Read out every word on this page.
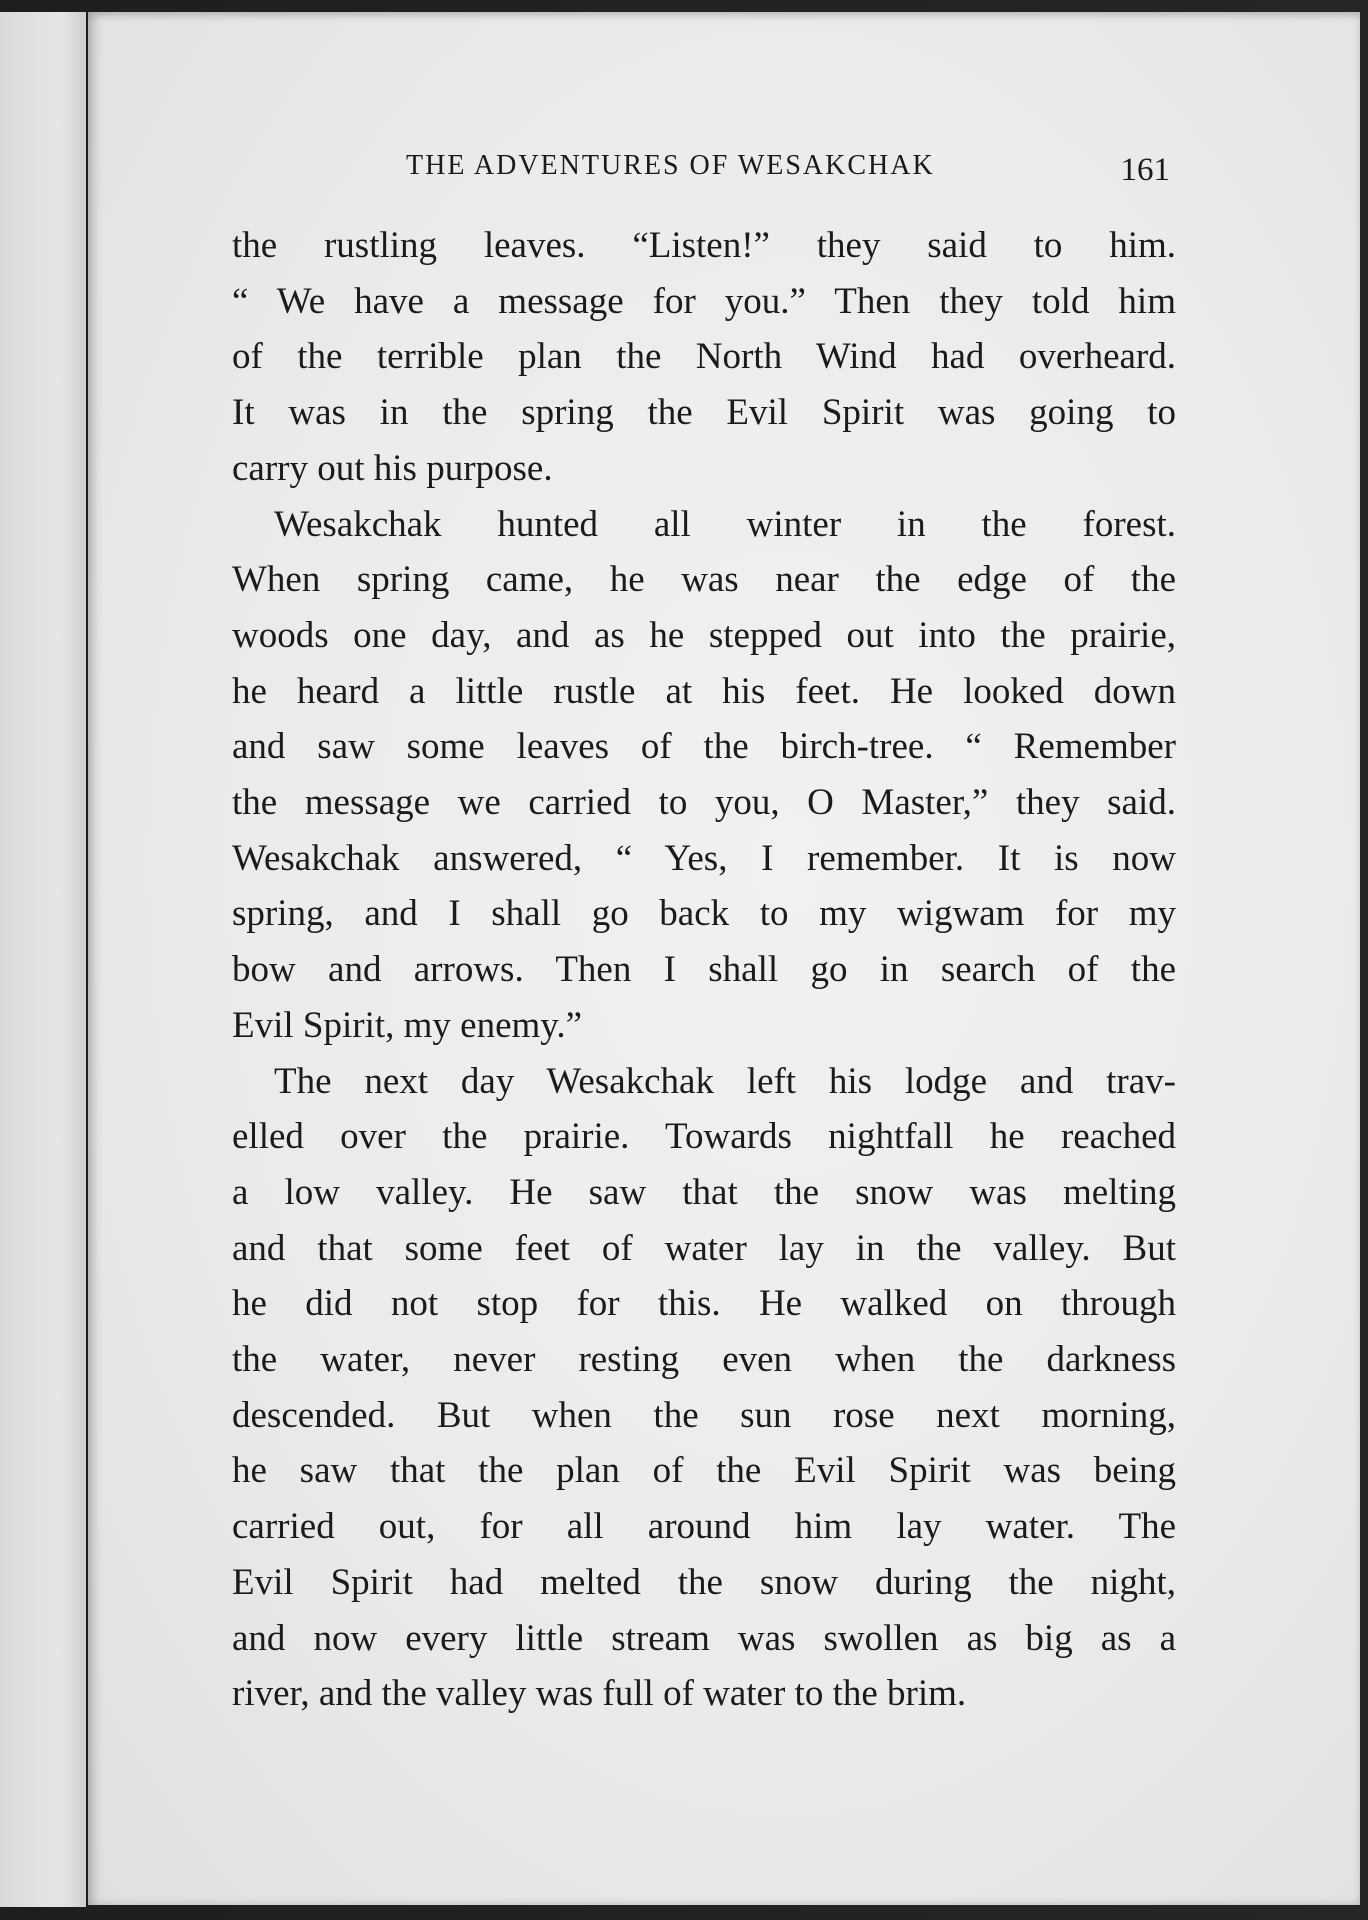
THE ADVENTURES OF WESAKCHAK	161
the rustling leaves. “Listen!” they said to him.
“ We have a message for you.” Then they told him
of the terrible plan the North Wind had overheard.
It was in the spring the Evil Spirit was going to
carry out his purpose.
Wesakchak hunted all winter in the forest.
When spring came, he was near the edge of the
woods one day, and as he stepped out into the prairie,
he heard a little rustle at his feet. He looked down
and saw some leaves of the birch-tree. “ Remember
the message we carried to you, O Master,” they said.
Wesakchak answered, “ Yes, I remember. It is now
spring, and I shall go back to my wigwam for my
bow and arrows. Then I shall go in search of the
Evil Spirit, my enemy.”
The next day Wesakchak left his lodge and trav-
elled over the prairie. Towards nightfall he reached
a low valley. He saw that the snow was melting
and that some feet of water lay in the valley. But
he did not stop for this. He walked on through
the water, never resting even when the darkness
descended. But when the sun rose next morning,
he saw that the plan of the Evil Spirit was being
carried out, for all around him lay water. The
Evil Spirit had melted the snow during the night,
and now every little stream was swollen as big as a
river, and the valley was full of water to the brim.
